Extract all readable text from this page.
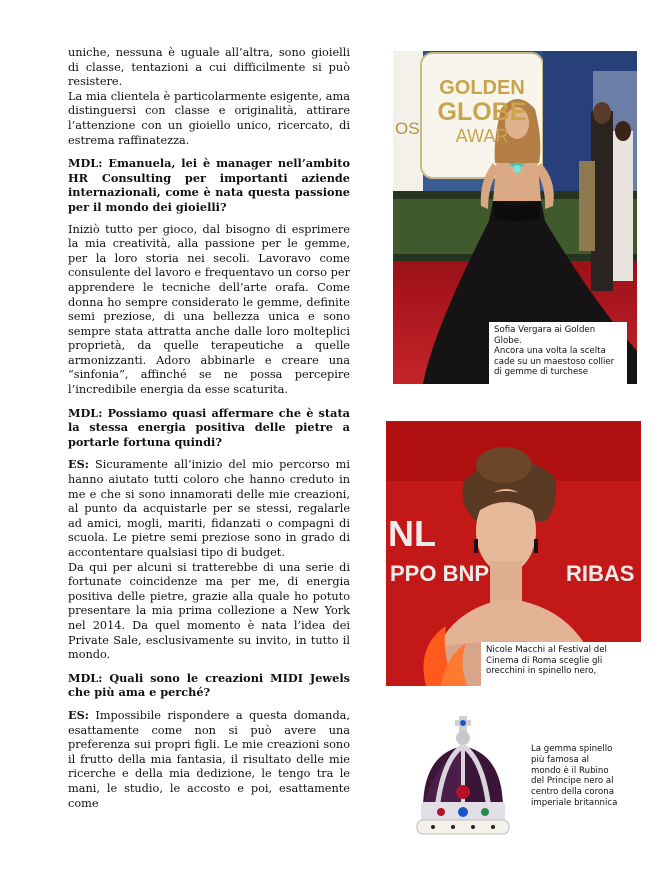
uniche, nessuna è uguale all’altra, sono gioielli di classe, tentazioni a cui difficilmente si può resistere.

La mia clientela è particolarmente esigente, ama distinguersi con classe e originalità, attirare l’attenzione con un gioiello unico, ricercato, di estrema raffinatezza.

MDL: Emanuela, lei è manager nell’ambito HR Consulting per importanti aziende internazionali, come è nata questa passione per il mondo dei gioielli?

Iniziò tutto per gioco, dal bisogno di esprimere la mia creatività, alla passione per le gemme, per la loro storia nei secoli. Lavoravo come consulente del lavoro e frequentavo un corso per apprendere le tecniche dell’arte orafa. Come donna ho sempre considerato le gemme, definite semi preziose, di una bellezza unica e sono sempre stata attratta anche dalle loro molteplici proprietà, da quelle terapeutiche a quelle armonizzanti. Adoro abbinarle e creare una “sinfonia”, affinché se ne possa percepire l’incredibile energia da esse scaturita.

MDL: Possiamo quasi affermare che è stata la stessa energia positiva delle pietre a portarle fortuna quindi?

ES: Sicuramente all’inizio del mio percorso mi hanno aiutato tutti coloro che hanno creduto in me e che si sono innamorati delle mie creazioni, al punto da acquistarle per se stessi, regalarle ad amici, mogli, mariti, fidanzati o compagni di scuola. Le pietre semi preziose sono in grado di accontentare qualsiasi tipo di budget.

Da qui per alcuni si tratterebbe di una serie di fortunate coincidenze ma per me, di energia positiva delle pietre, grazie alla quale ho potuto presentare la mia prima collezione a New York nel 2014. Da quel momento è nata l’idea dei Private Sale, esclusivamente su invito, in tutto il mondo.

MDL: Quali sono le creazioni MIDI Jewels che più ama e perché?

ES: Impossibile rispondere a questa domanda, esattamente come non si può avere una preferenza sui propri figli. Le mie creazioni sono il frutto della mia fantasia, il risultato delle mie ricerche e della mia dedizione, le tengo tra le mani, le studio, le accosto e poi, esattamente come

GOLDEN
GLOBE
AWAR
OS
Sofia Vergara ai Golden Globe.
Ancora una volta la scelta cade su un maestoso collier di gemme di turchese
NL
PPO BNP	RIBAS
Nicole Macchi al Festival del Cinema di Roma sceglie gli orecchini in spinello nero,
La gemma spinello più famosa al mondo è il Rubino del Principe nero al centro della corona imperiale britannica
